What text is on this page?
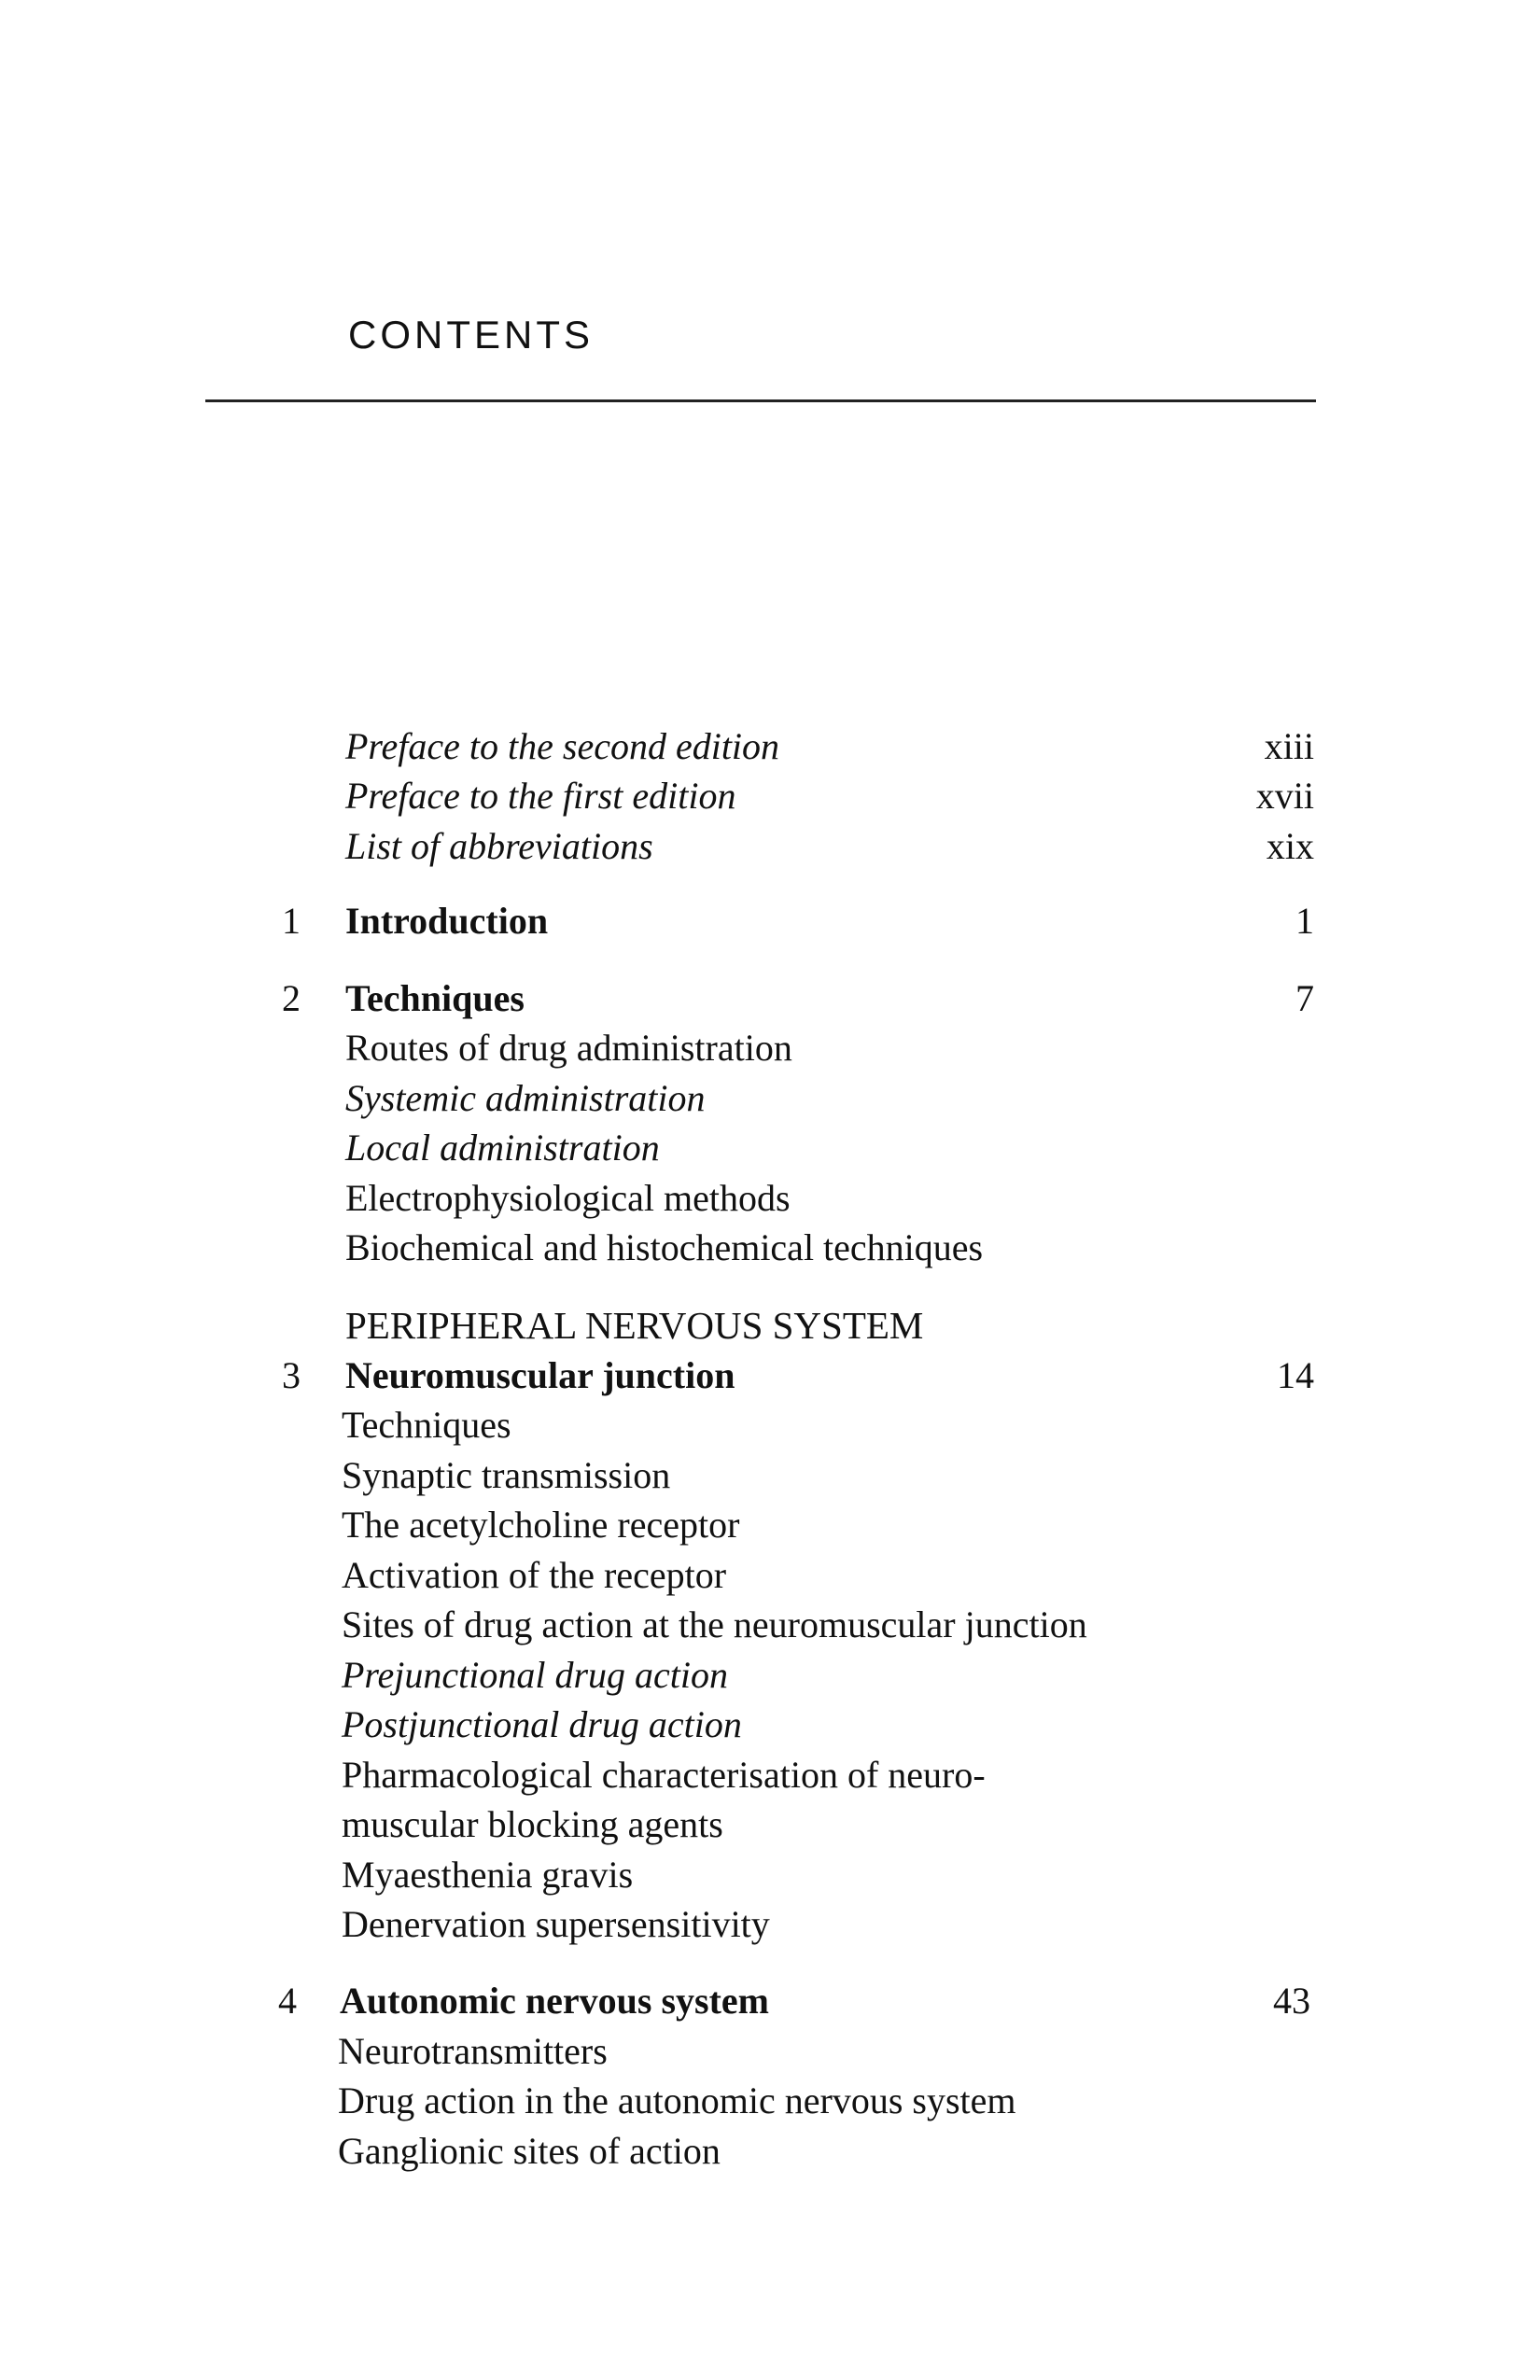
CONTENTS
Preface to the second edition	xiii
Preface to the first edition	xvii
List of abbreviations	xix
1 Introduction	1
2 Techniques	7
Routes of drug administration
Systemic administration
Local administration
Electrophysiological methods
Biochemical and histochemical techniques
PERIPHERAL NERVOUS SYSTEM
3 Neuromuscular junction	14
Techniques
Synaptic transmission
The acetylcholine receptor
Activation of the receptor
Sites of drug action at the neuromuscular junction
Prejunctional drug action
Postjunctional drug action
Pharmacological characterisation of neuro-
muscular blocking agents
Myaesthenia gravis
Denervation supersensitivity
4 Autonomic nervous system	43
Neurotransmitters
Drug action in the autonomic nervous system
Ganglionic sites of action
